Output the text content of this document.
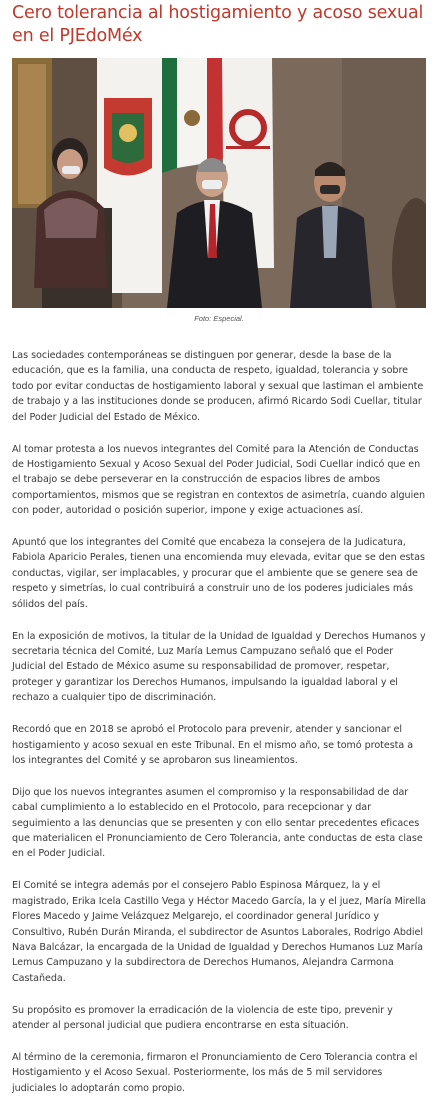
Cero tolerancia al hostigamiento y acoso sexual en el PJEdoMéx
Foto: Especial.

Las sociedades contemporáneas se distinguen por generar, desde la base de la educación, que es la familia, una conducta de respeto, igualdad, tolerancia y sobre todo por evitar conductas de hostigamiento laboral y sexual que lastiman el ambiente de trabajo y a las instituciones donde se producen, afirmó Ricardo Sodi Cuellar, titular del Poder Judicial del Estado de México.

Al tomar protesta a los nuevos integrantes del Comité para la Atención de Conductas de Hostigamiento Sexual y Acoso Sexual del Poder Judicial, Sodi Cuellar indicó que en el trabajo se debe perseverar en la construcción de espacios libres de ambos comportamientos, mismos que se registran en contextos de asimetría, cuando alguien con poder, autoridad o posición superior, impone y exige actuaciones así.

Apuntó que los integrantes del Comité que encabeza la consejera de la Judicatura, Fabiola Aparicio Perales, tienen una encomienda muy elevada, evitar que se den estas conductas, vigilar, ser implacables, y procurar que el ambiente que se genere sea de respeto y simetrías, lo cual contribuirá a construir uno de los poderes judiciales más sólidos del país.

En la exposición de motivos, la titular de la Unidad de Igualdad y Derechos Humanos y secretaria técnica del Comité, Luz María Lemus Campuzano señaló que el Poder Judicial del Estado de México asume su responsabilidad de promover, respetar, proteger y garantizar los Derechos Humanos, impulsando la igualdad laboral y el rechazo a cualquier tipo de discriminación.

Recordó que en 2018 se aprobó el Protocolo para prevenir, atender y sancionar el hostigamiento y acoso sexual en este Tribunal. En el mismo año, se tomó protesta a los integrantes del Comité y se aprobaron sus lineamientos.

Dijo que los nuevos integrantes asumen el compromiso y la responsabilidad de dar cabal cumplimiento a lo establecido en el Protocolo, para recepcionar y dar seguimiento a las denuncias que se presenten y con ello sentar precedentes eficaces que materialicen el Pronunciamiento de Cero Tolerancia, ante conductas de esta clase en el Poder Judicial.

El Comité se integra además por el consejero Pablo Espinosa Márquez, la y el magistrado, Erika Icela Castillo Vega y Héctor Macedo García, la y el juez, María Mirella Flores Macedo y Jaime Velázquez Melgarejo, el coordinador general Jurídico y Consultivo, Rubén Durán Miranda, el subdirector de Asuntos Laborales, Rodrigo Abdiel Nava Balcázar, la encargada de la Unidad de Igualdad y Derechos Humanos Luz María Lemus Campuzano y la subdirectora de Derechos Humanos, Alejandra Carmona Castañeda.

Su propósito es promover la erradicación de la violencia de este tipo, prevenir y atender al personal judicial que pudiera encontrarse en esta situación.

Al término de la ceremonia, firmaron el Pronunciamiento de Cero Tolerancia contra el Hostigamiento y el Acoso Sexual. Posteriormente, los más de 5 mil servidores judiciales lo adoptarán como propio.
